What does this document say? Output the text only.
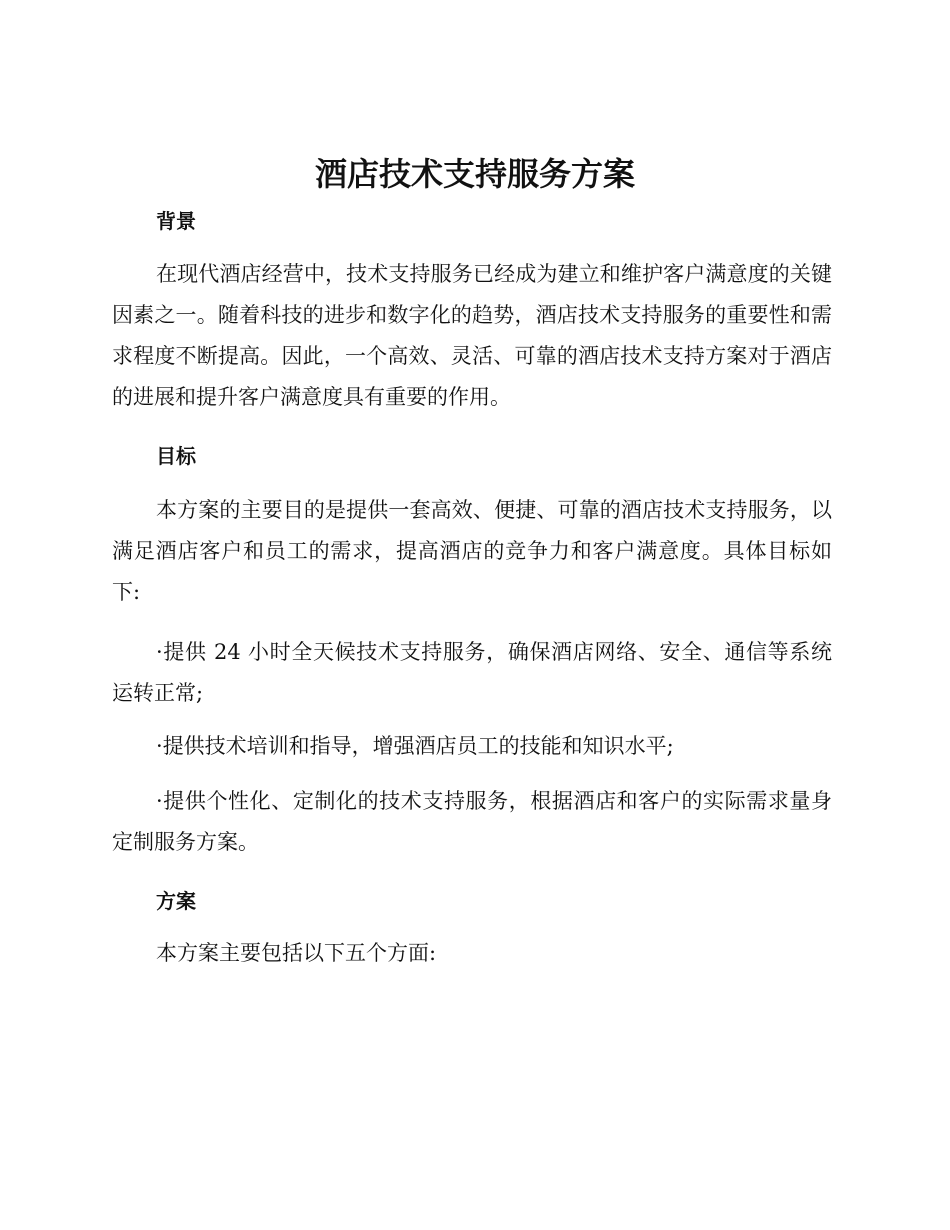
酒店技术支持服务方案
背景

在现代酒店经营中，技术支持服务已经成为建立和维护客户满意度的关键因素之一。随着科技的进步和数字化的趋势，酒店技术支持服务的重要性和需求程度不断提高。因此，一个高效、灵活、可靠的酒店技术支持方案对于酒店的进展和提升客户满意度具有重要的作用。

目标

本方案的主要目的是提供一套高效、便捷、可靠的酒店技术支持服务，以满足酒店客户和员工的需求，提高酒店的竞争力和客户满意度。具体目标如下:

·提供 24 小时全天候技术支持服务，确保酒店网络、安全、通信等系统运转正常;

·提供技术培训和指导，增强酒店员工的技能和知识水平;

·提供个性化、定制化的技术支持服务，根据酒店和客户的实际需求量身定制服务方案。

方案

本方案主要包括以下五个方面:
